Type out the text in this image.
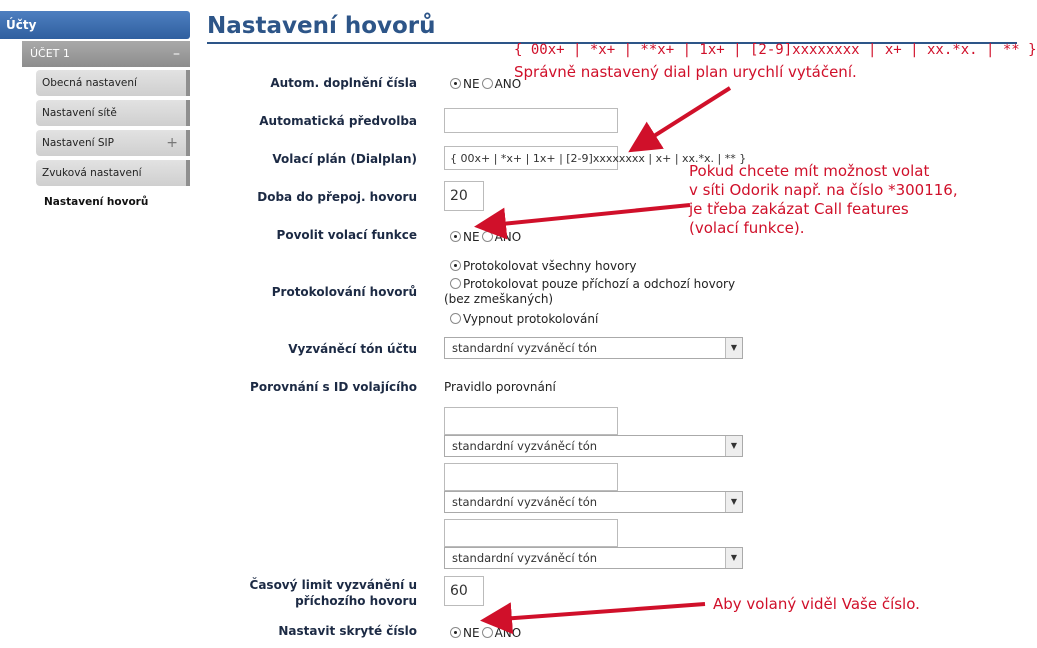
Účty
ÚČET 1	–
Obecná nastavení
Nastavení sítě
Nastavení SIP	+
Zvuková nastavení
Nastavení hovorů
Nastavení hovorů
Autom. doplnění čísla	NE ANO
Automatická předvolba
Volací plán (Dialplan)	{ 00x+ | *x+ | 1x+ | [2-9]xxxxxxxx | x+ | xx.*x. | ** }
Doba do přepoj. hovoru	20
Povolit volací funkce	NE ANO
Protokolování hovorů
Protokolovat všechny hovory
Protokolovat pouze příchozí a odchozí hovory (bez zmeškaných)
Vypnout protokolování
Vyzváněcí tón účtu	standardní vyzváněcí tón	▼
Porovnání s ID volajícího Pravidlo porovnání
standardní vyzváněcí tón	▼
standardní vyzváněcí tón	▼
standardní vyzváněcí tón	▼
Časový limit vyzvánění u
příchozího hovoru
60
Nastavit skryté číslo	NE ANO
{ 00x+ | *x+ | **x+ | 1x+ | [2-9]xxxxxxxx | x+ | xx.*x. | ** }
Správně nastavený dial plan urychlí vytáčení.
Pokud chcete mít možnost volat
v síti Odorik např. na číslo *300116,
je třeba zakázat Call features
(volací funkce).
Aby volaný viděl Vaše číslo.
